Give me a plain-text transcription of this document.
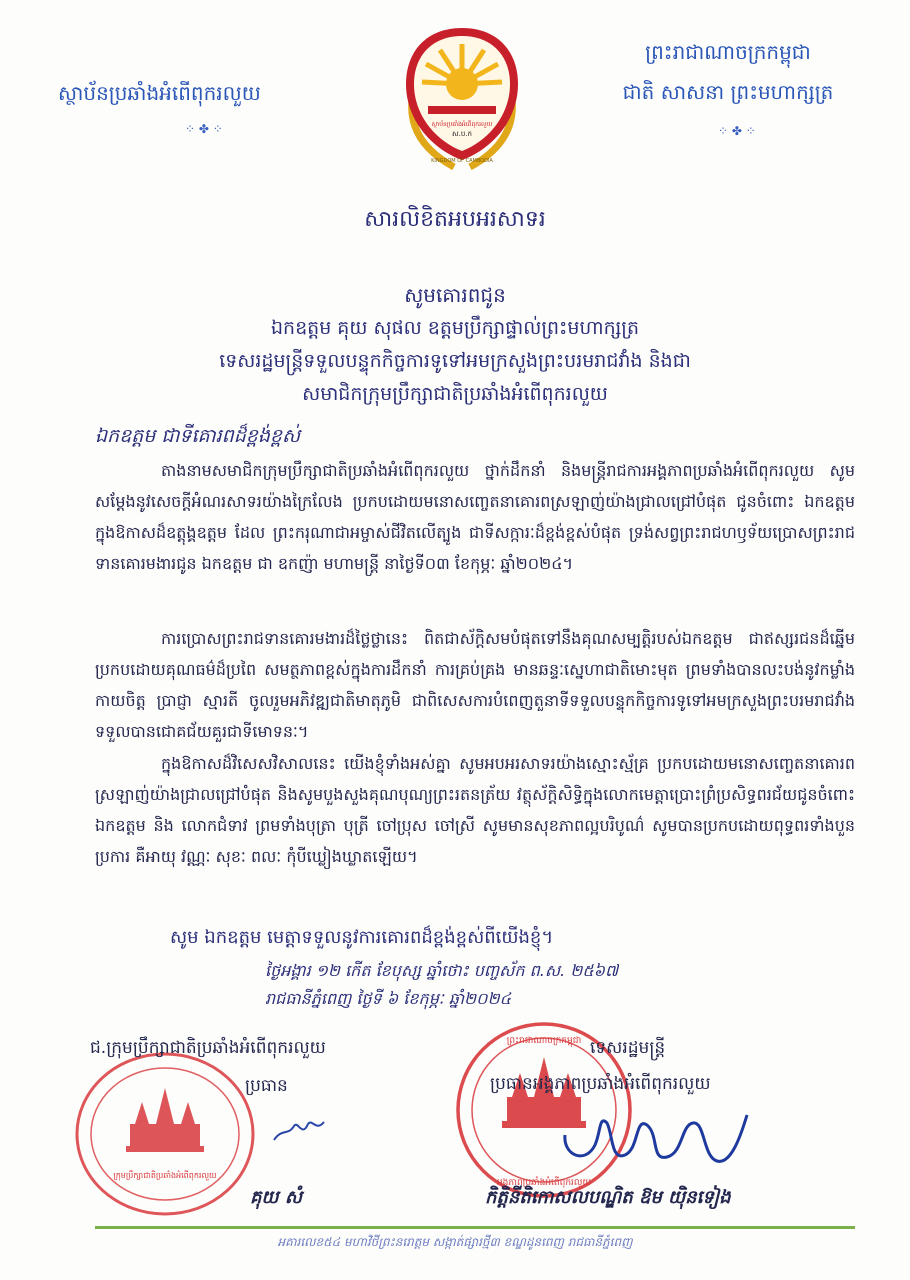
ស្ថាប័នប្រឆាំងអំពើពុករលួយ
⁘ ✤ ⁘
ព្រះរាជាណាចក្រកម្ពុជា
ជាតិ សាសនា ព្រះមហាក្សត្រ
⁘ ✤ ⁘
ស្ថាប័នប្រឆាំងអំពើពុករលួយ
ស.ប.ក
KINGDOM OF CAMBODIA
សារលិខិតអបអរសាទរ
សូមគោរពជូន
ឯកឧត្តម គុយ សុផល ឧត្តមប្រឹក្សាផ្ទាល់ព្រះមហាក្សត្រ
ទេសរដ្ឋមន្ត្រីទទួលបន្ទុកកិច្ចការទូទៅអមក្រសួងព្រះបរមរាជវាំង និងជា
សមាជិកក្រុមប្រឹក្សាជាតិប្រឆាំងអំពើពុករលួយ
ឯកឧត្តម ជាទីគោរពដ៏ខ្ពង់ខ្ពស់

តាងនាមសមាជិកក្រុមប្រឹក្សាជាតិប្រឆាំងអំពើពុករលួយ ថ្នាក់ដឹកនាំ និងមន្ត្រីរាជការអង្គភាពប្រឆាំងអំពើពុករលួយ សូមសម្តែងនូវសេចក្តីអំណរសាទរយ៉ាងក្រៃលែង ប្រកបដោយមនោសញ្ចេតនាគោរពស្រឡាញ់យ៉ាងជ្រាលជ្រៅបំផុត ជូនចំពោះ ឯកឧត្តម ក្នុងឱកាសដ៏ឧត្តុង្គឧត្តម ដែល ព្រះករុណាជាអម្ចាស់ជីវិតលើត្បូង ជាទីសក្ការៈដ៏ខ្ពង់ខ្ពស់បំផុត ទ្រង់សព្វព្រះរាជហឫទ័យប្រោសព្រះរាជទានគោរមងារជូន ឯកឧត្តម ជា ឧកញ៉ា មហាមន្ត្រី នាថ្ងៃទី០៣ ខែកុម្ភៈ ឆ្នាំ២០២៤។

ការប្រោសព្រះរាជទានគោរមងារដ៏ថ្លៃថ្លានេះ ពិតជាស័ក្តិសមបំផុតទៅនឹងគុណសម្បត្តិរបស់ឯកឧត្តម ជាឥស្សរជនដ៏ឆ្នើម ប្រកបដោយគុណធម៌ដ៏ប្រពៃ សមត្ថភាពខ្ពស់ក្នុងការដឹកនាំ ការគ្រប់គ្រង មានឆន្ទៈស្នេហាជាតិមោះមុត ព្រមទាំងបានលះបង់នូវកម្លាំងកាយចិត្ត ប្រាជ្ញា ស្មារតី ចូលរួមអភិវឌ្ឍជាតិមាតុភូមិ ជាពិសេសការបំពេញតួនាទីទទួលបន្ទុកកិច្ចការទូទៅអមក្រសួងព្រះបរមរាជវាំងទទួលបានជោគជ័យគួរជាទីមោទនៈ។

ក្នុងឱកាសដ៏វិសេសវិសាលនេះ យើងខ្ញុំទាំងអស់គ្នា សូមអបអរសាទរយ៉ាងស្មោះស្ម័គ្រ ប្រកបដោយមនោសញ្ចេតនាគោរពស្រឡាញ់យ៉ាងជ្រាលជ្រៅបំផុត និងសូមបួងសួងគុណបុណ្យព្រះរតនត្រ័យ វត្ថុស័ក្តិសិទ្ធិក្នុងលោកមេត្តាប្រោះព្រំប្រសិទ្ធពរជ័យជូនចំពោះ ឯកឧត្តម និង លោកជំទាវ ព្រមទាំងបុត្រា បុត្រី ចៅប្រុស ចៅស្រី សូមមានសុខភាពល្អបរិបូណ៌ សូមបានប្រកបដោយពុទ្ធពរទាំងបួនប្រការ គឺអាយុ វណ្ណៈ សុខៈ ពលៈ កុំបីឃ្លៀងឃ្លាតឡើយ។

សូម ឯកឧត្តម មេត្តាទទួលនូវការគោរពដ៏ខ្ពង់ខ្ពស់ពីយើងខ្ញុំ។
ថ្ងៃអង្គារ ១២ កើត ខែបុស្ស ឆ្នាំថោះ បញ្ចស័ក ព.ស. ២៥៦៧
រាជធានីភ្នំពេញ ថ្ងៃទី ៦ ខែកុម្ភៈ ឆ្នាំ២០២៤
ក្រុមប្រឹក្សាជាតិប្រឆាំងអំពើពុករលួយ
ព្រះរាជាណាចក្រកម្ពុជា
អង្គភាពប្រឆាំងអំពើពុករលួយ
ជ.ក្រុមប្រឹក្សាជាតិប្រឆាំងអំពើពុករលួយ
ប្រធាន
ទេសរដ្ឋមន្ត្រី
ប្រធានអង្គភាពប្រឆាំងអំពើពុករលួយ
គុយ សំ	កិត្តិនីតិកោសលបណ្ឌិត ឱម យ៉ិនទៀង
អគារលេខ៥៤ មហាវិថីព្រះនរោត្តម សង្កាត់ផ្សារថ្មី៣ ខណ្ឌដូនពេញ រាជធានីភ្នំពេញ
